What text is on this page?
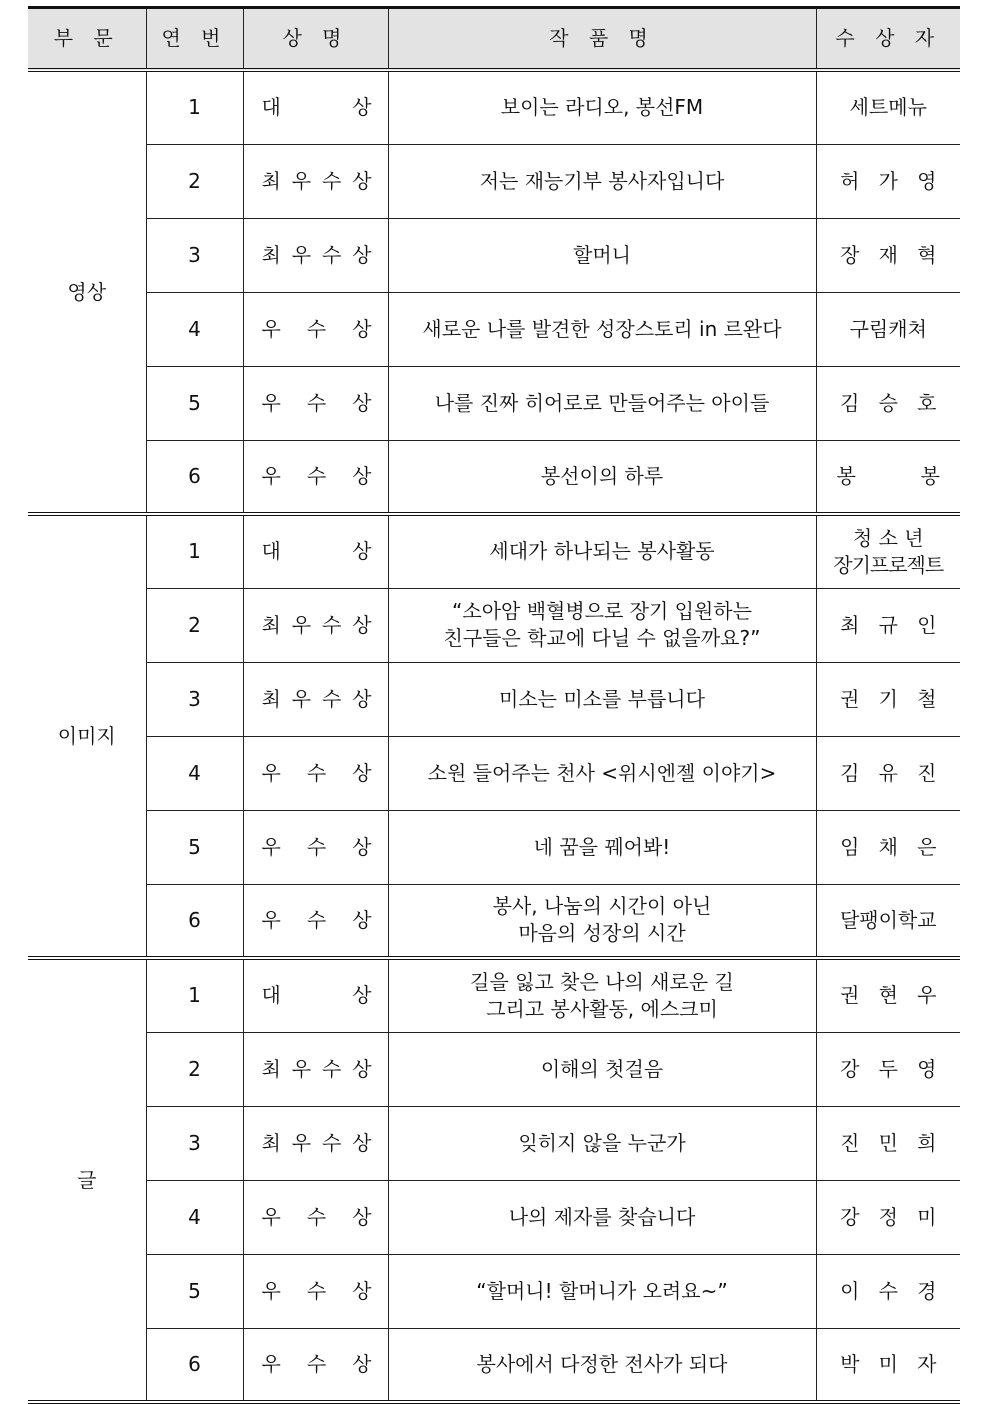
부 문	연 번	상 명	작 품 명	수 상 자
영상	1	대 상	보이는 라디오, 봉선FM	세트메뉴

	2	최 우 수 상	저는 재능기부 봉사자입니다	허 가 영

	3	최 우 수 상	할머니	장 재 혁

	4	우 수 상	새로운 나를 발견한 성장스토리 in 르완다	구림캐쳐

	5	우 수 상	나를 진짜 히어로로 만들어주는 아이들	김 승 호

	6	우 수 상	봉선이의 하루	봉 봉

이미지	1	대 상	세대가 하나되는 봉사활동	청 소 년
장기프로젝트

	2	최 우 수 상	“소아암 백혈병으로 장기 입원하는
친구들은 학교에 다닐 수 없을까요?”	최 규 인

	3	최 우 수 상	미소는 미소를 부릅니다	권 기 철

	4	우 수 상	소원 들어주는 천사 <위시엔젤 이야기>	김 유 진

	5	우 수 상	네 꿈을 꿰어봐!	임 채 은

	6	우 수 상	봉사, 나눔의 시간이 아닌
마음의 성장의 시간	달팽이학교

글	1	대 상	길을 잃고 찾은 나의 새로운 길
그리고 봉사활동, 에스크미	권 현 우

	2	최 우 수 상	이해의 첫걸음	강 두 영

	3	최 우 수 상	잊히지 않을 누군가	진 민 희

	4	우 수 상	나의 제자를 찾습니다	강 정 미

	5	우 수 상	“할머니! 할머니가 오려요~”	이 수 경

	6	우 수 상	봉사에서 다정한 전사가 되다	박 미 자
